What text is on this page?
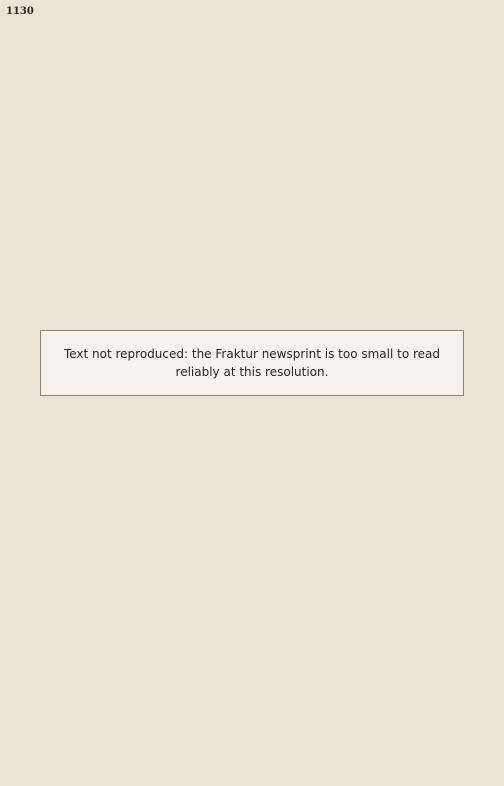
1130
Text not reproduced: the Fraktur newsprint is too small to read reliably at this resolution.
